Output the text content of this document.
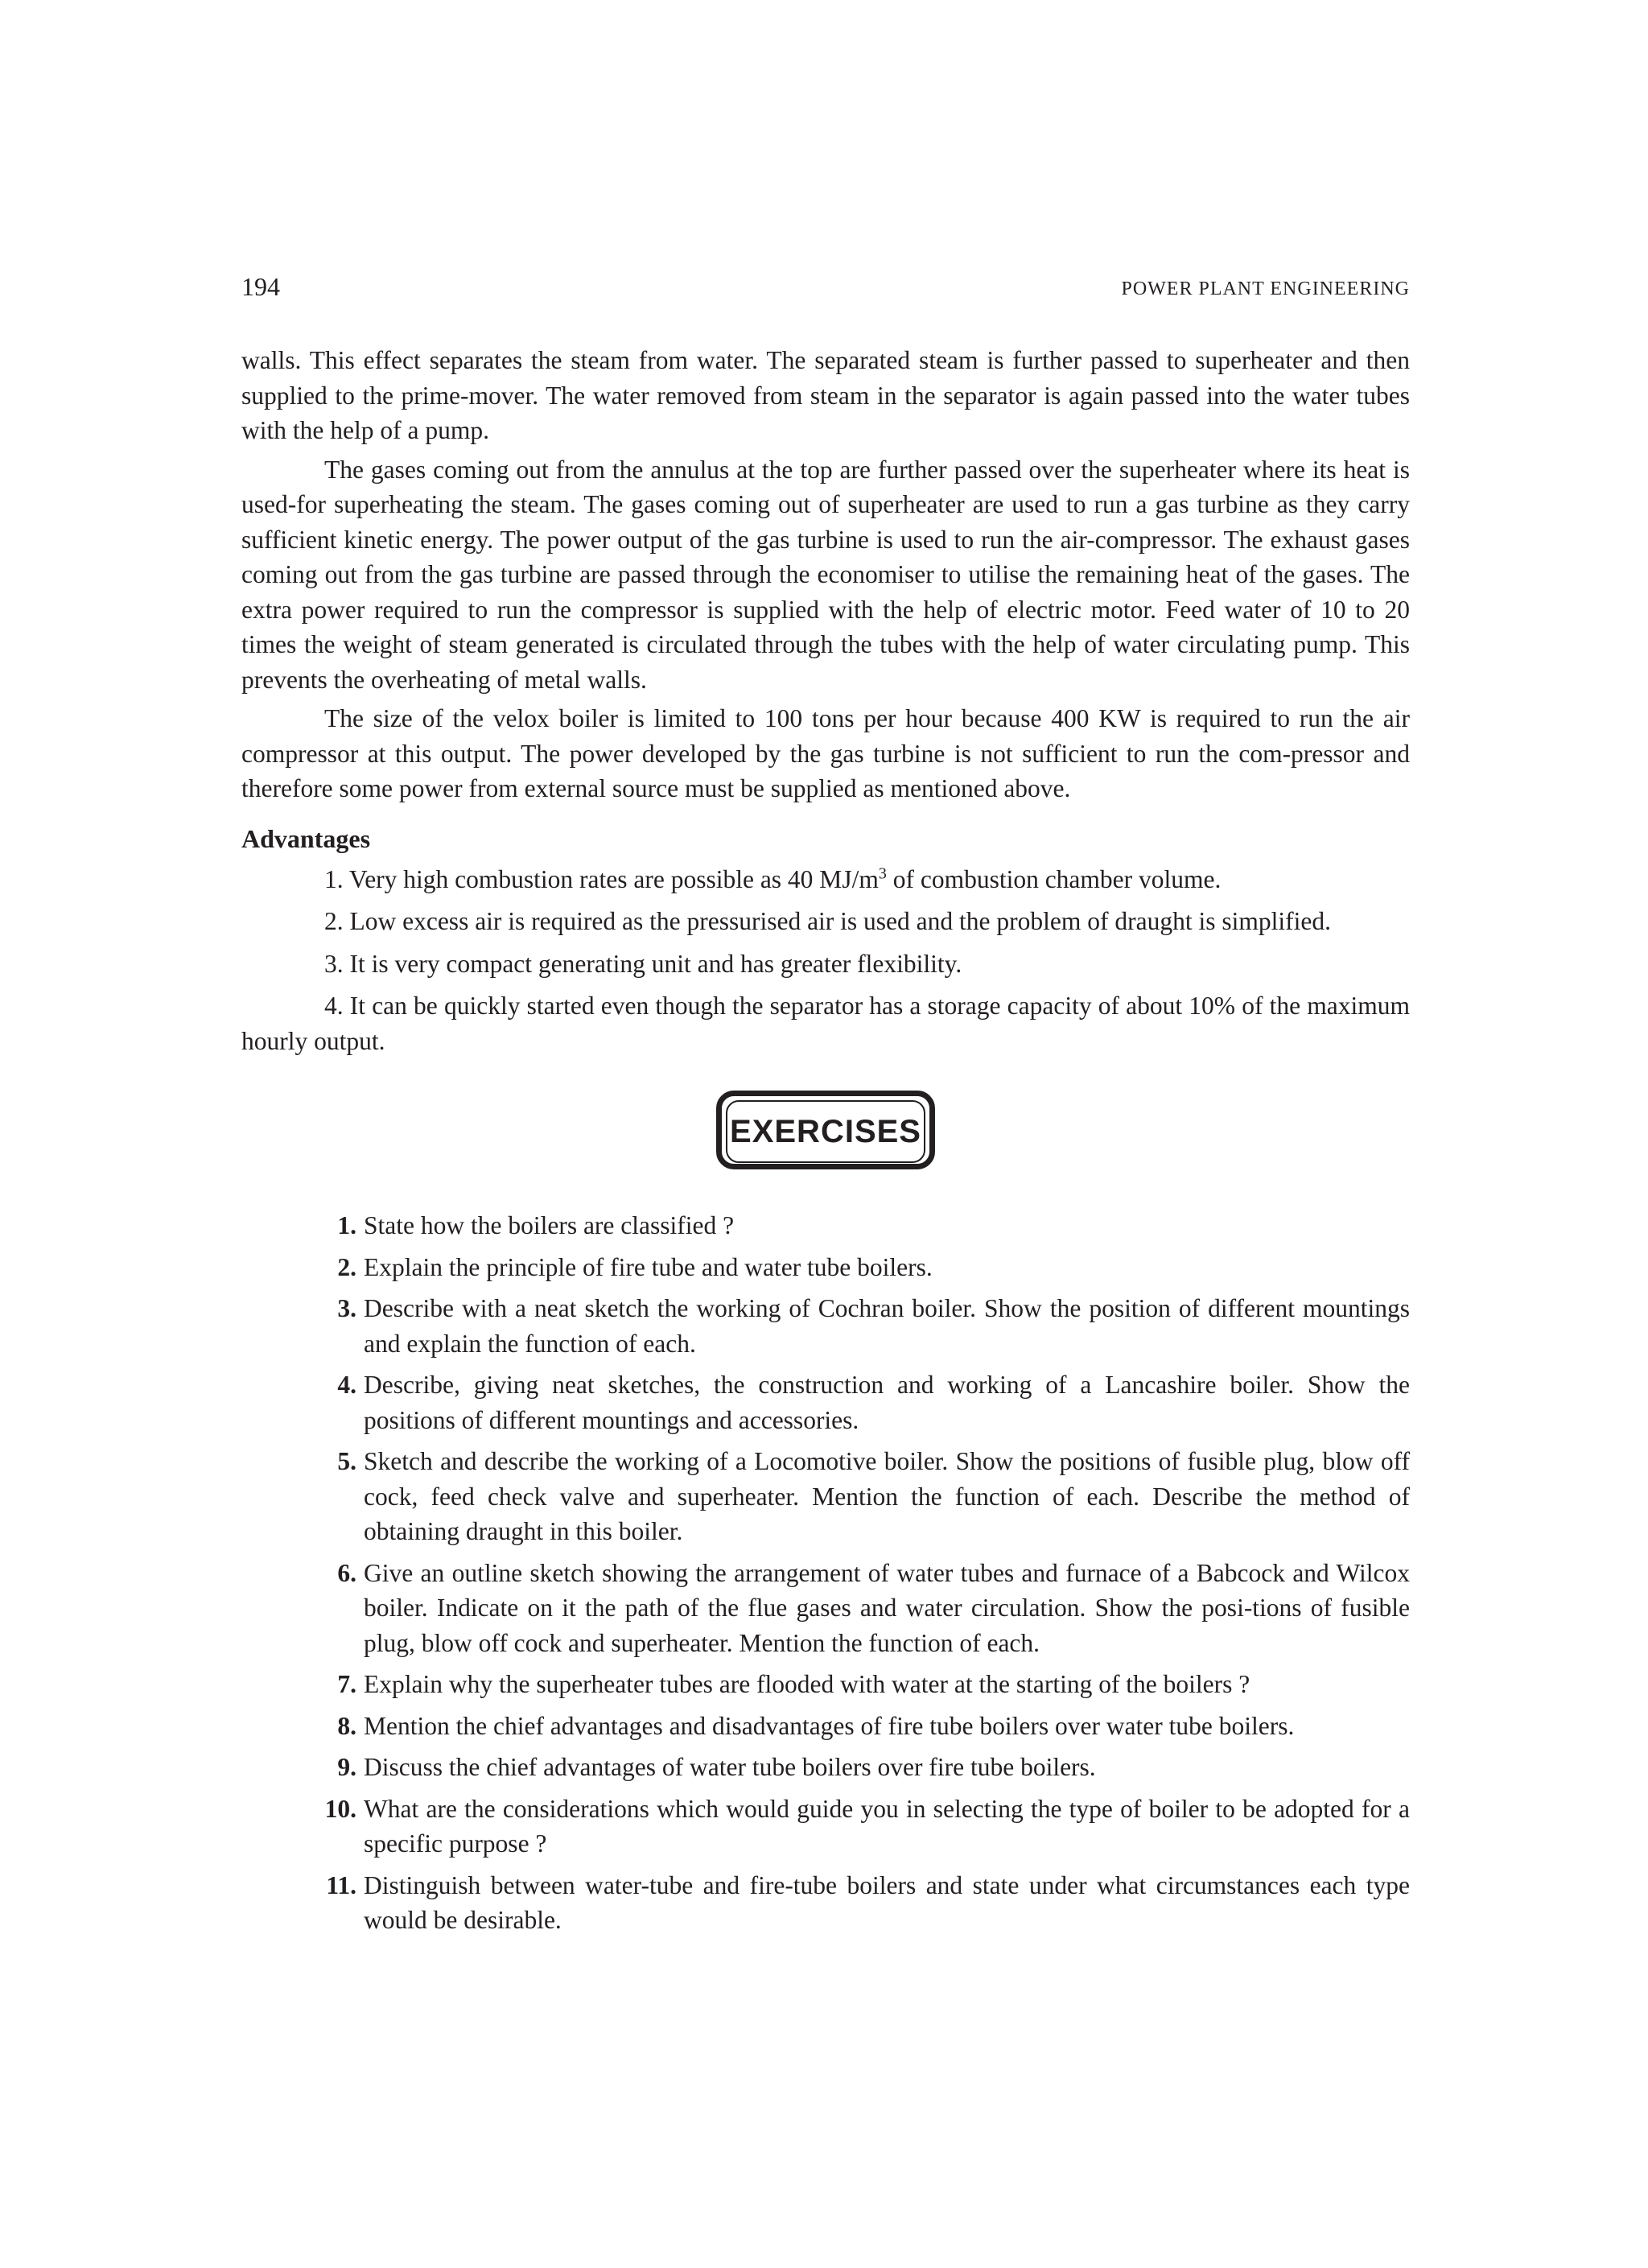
194	POWER PLANT ENGINEERING

walls. This effect separates the steam from water. The separated steam is further passed to superheater and then supplied to the prime-mover. The water removed from steam in the separator is again passed into the water tubes with the help of a pump.

The gases coming out from the annulus at the top are further passed over the superheater where its heat is used-for superheating the steam. The gases coming out of superheater are used to run a gas turbine as they carry sufficient kinetic energy. The power output of the gas turbine is used to run the air-compressor. The exhaust gases coming out from the gas turbine are passed through the economiser to utilise the remaining heat of the gases. The extra power required to run the compressor is supplied with the help of electric motor. Feed water of 10 to 20 times the weight of steam generated is circulated through the tubes with the help of water circulating pump. This prevents the overheating of metal walls.

The size of the velox boiler is limited to 100 tons per hour because 400 KW is required to run the air compressor at this output. The power developed by the gas turbine is not sufficient to run the com-pressor and therefore some power from external source must be supplied as mentioned above.

Advantages

1. Very high combustion rates are possible as 40 $MJ/m^3$ of combustion chamber volume.

2. Low excess air is required as the pressurised air is used and the problem of draught is simplified.

3. It is very compact generating unit and has greater flexibility.

4. It can be quickly started even though the separator has a storage capacity of about 10% of the maximum hourly output.

EXERCISES
1. State how the boilers are classified ?
2. Explain the principle of fire tube and water tube boilers.
3. Describe with a neat sketch the working of Cochran boiler. Show the position of different mountings and explain the function of each.
4. Describe, giving neat sketches, the construction and working of a Lancashire boiler. Show the positions of different mountings and accessories.
5. Sketch and describe the working of a Locomotive boiler. Show the positions of fusible plug, blow off cock, feed check valve and superheater. Mention the function of each. Describe the method of obtaining draught in this boiler.
6. Give an outline sketch showing the arrangement of water tubes and furnace of a Babcock and Wilcox boiler. Indicate on it the path of the flue gases and water circulation. Show the posi-tions of fusible plug, blow off cock and superheater. Mention the function of each.
7. Explain why the superheater tubes are flooded with water at the starting of the boilers ?
8. Mention the chief advantages and disadvantages of fire tube boilers over water tube boilers.
9. Discuss the chief advantages of water tube boilers over fire tube boilers.
10. What are the considerations which would guide you in selecting the type of boiler to be adopted for a specific purpose ?
11. Distinguish between water-tube and fire-tube boilers and state under what circumstances each type would be desirable.
